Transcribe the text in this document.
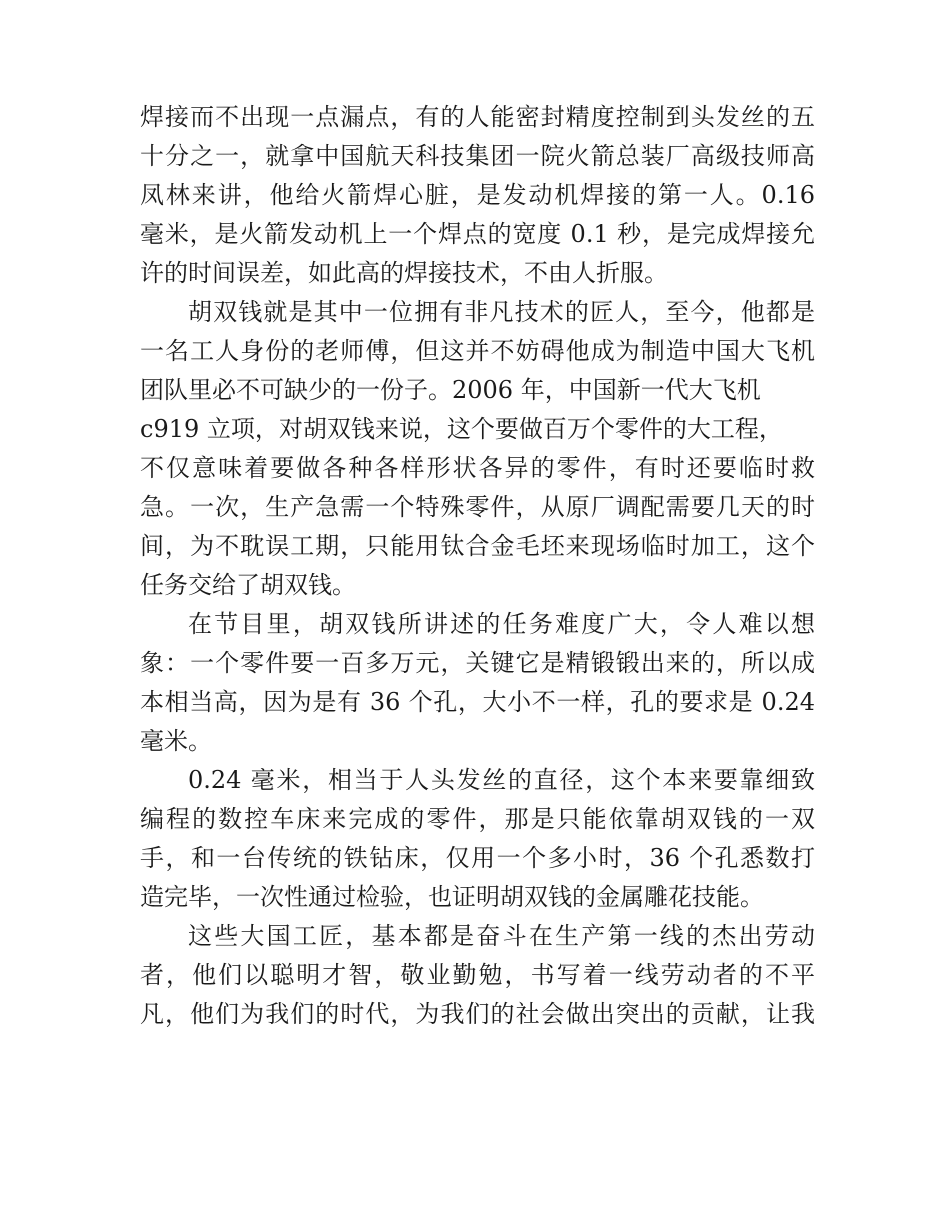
焊接而不出现一点漏点，有的人能密封精度控制到头发丝的五
十分之一，就拿中国航天科技集团一院火箭总装厂高级技师高
凤林来讲，他给火箭焊心脏，是发动机焊接的第一人。0.16
毫米，是火箭发动机上一个焊点的宽度 0.1 秒，是完成焊接允
许的时间误差，如此高的焊接技术，不由人折服。
胡双钱就是其中一位拥有非凡技术的匠人，至今，他都是
一名工人身份的老师傅，但这并不妨碍他成为制造中国大飞机
团队里必不可缺少的一份子。2006 年，中国新一代大飞机
c919 立项，对胡双钱来说，这个要做百万个零件的大工程，
不仅意味着要做各种各样形状各异的零件，有时还要临时救
急。一次，生产急需一个特殊零件，从原厂调配需要几天的时
间，为不耽误工期，只能用钛合金毛坯来现场临时加工，这个
任务交给了胡双钱。
在节目里，胡双钱所讲述的任务难度广大，令人难以想
象：一个零件要一百多万元，关键它是精锻锻出来的，所以成
本相当高，因为是有 36 个孔，大小不一样，孔的要求是 0.24
毫米。
0.24 毫米，相当于人头发丝的直径，这个本来要靠细致
编程的数控车床来完成的零件，那是只能依靠胡双钱的一双
手，和一台传统的铁钻床，仅用一个多小时，36 个孔悉数打
造完毕，一次性通过检验，也证明胡双钱的金属雕花技能。
这些大国工匠，基本都是奋斗在生产第一线的杰出劳动
者，他们以聪明才智，敬业勤勉，书写着一线劳动者的不平
凡，他们为我们的时代，为我们的社会做出突出的贡献，让我
